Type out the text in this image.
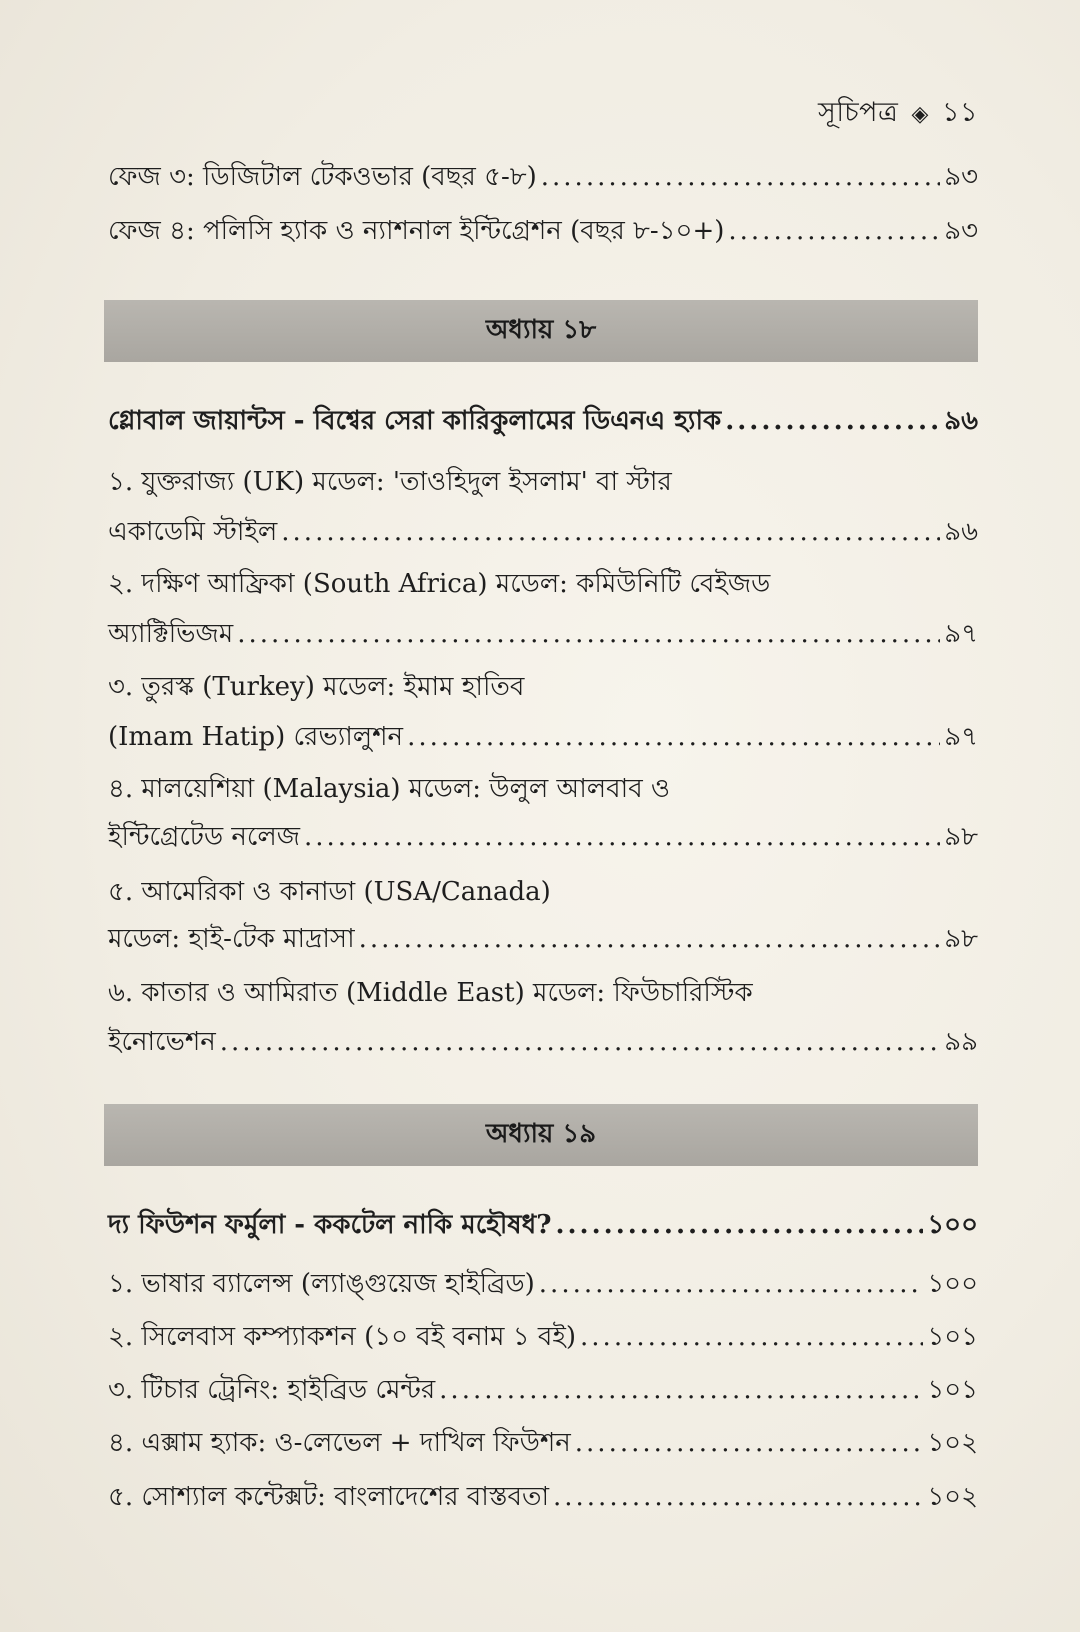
সূচিপত্র ◈ ১১
ফেজ ৩: ডিজিটাল টেকওভার (বছর ৫-৮) .....	৯৩
ফেজ ৪: পলিসি হ্যাক ও ন্যাশনাল ইন্টিগ্রেশন (বছর ৮-১০+) .....	৯৩
অধ্যায় ১৮
গ্লোবাল জায়ান্টস - বিশ্বের সেরা কারিকুলামের ডিএনএ হ্যাক .....	৯৬
১. যুক্তরাজ্য (UK) মডেল: 'তাওহিদুল ইসলাম' বা স্টার
একাডেমি স্টাইল .....	৯৬
২. দক্ষিণ আফ্রিকা (South Africa) মডেল: কমিউনিটি বেইজড
অ্যাক্টিভিজম .....	৯৭
৩. তুরস্ক (Turkey) মডেল: ইমাম হাতিব
(Imam Hatip) রেভ্যালুশন .....	৯৭
৪. মালয়েশিয়া (Malaysia) মডেল: উলুল আলবাব ও
ইন্টিগ্রেটেড নলেজ .....	৯৮
৫. আমেরিকা ও কানাডা (USA/Canada)
মডেল: হাই-টেক মাদ্রাসা .....	৯৮
৬. কাতার ও আমিরাত (Middle East) মডেল: ফিউচারিস্টিক
ইনোভেশন .....	৯৯
অধ্যায় ১৯
দ্য ফিউশন ফর্মুলা - ককটেল নাকি মহৌষধ? .....	১০০
১. ভাষার ব্যালেন্স (ল্যাঙ্গুয়েজ হাইব্রিড) .....	১০০
২. সিলেবাস কম্প্যাকশন (১০ বই বনাম ১ বই) .....	১০১
৩. টিচার ট্রেনিং: হাইব্রিড মেন্টর .....	১০১
৪. এক্সাম হ্যাক: ও-লেভেল + দাখিল ফিউশন .....	১০২
৫. সোশ্যাল কন্টেক্সট: বাংলাদেশের বাস্তবতা .....	১০২
